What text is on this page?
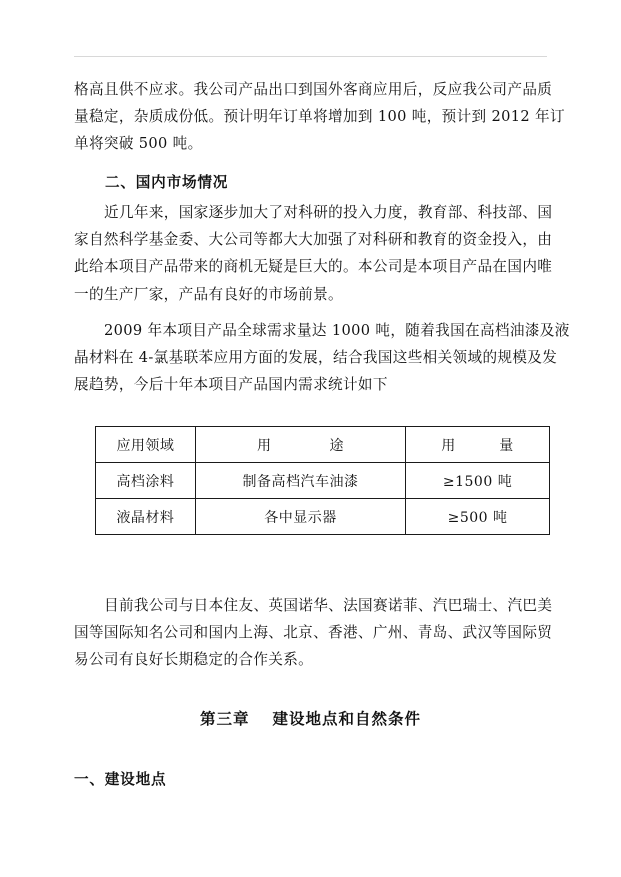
格高且供不应求。我公司产品出口到国外客商应用后，反应我公司产品质
量稳定，杂质成份低。预计明年订单将增加到 100 吨，预计到 2012 年订
单将突破 500 吨。
二、国内市场情况
近几年来，国家逐步加大了对科研的投入力度，教育部、科技部、国
家自然科学基金委、大公司等都大大加强了对科研和教育的资金投入，由
此给本项目产品带来的商机无疑是巨大的。本公司是本项目产品在国内唯
一的生产厂家，产品有良好的市场前景。
2009 年本项目产品全球需求量达 1000 吨，随着我国在高档油漆及液
晶材料在 4-氯基联苯应用方面的发展，结合我国这些相关领域的规模及发
展趋势，今后十年本项目产品国内需求统计如下
应用领域	用　　　　途	用　　　量
高档涂料	制备高档汽车油漆	≥1500 吨
液晶材料	各中显示器	≥500 吨
目前我公司与日本住友、英国诺华、法国赛诺菲、汽巴瑞士、汽巴美
国等国际知名公司和国内上海、北京、香港、广州、青岛、武汉等国际贸
易公司有良好长期稳定的合作关系。
第三章　 建设地点和自然条件
一、建设地点
